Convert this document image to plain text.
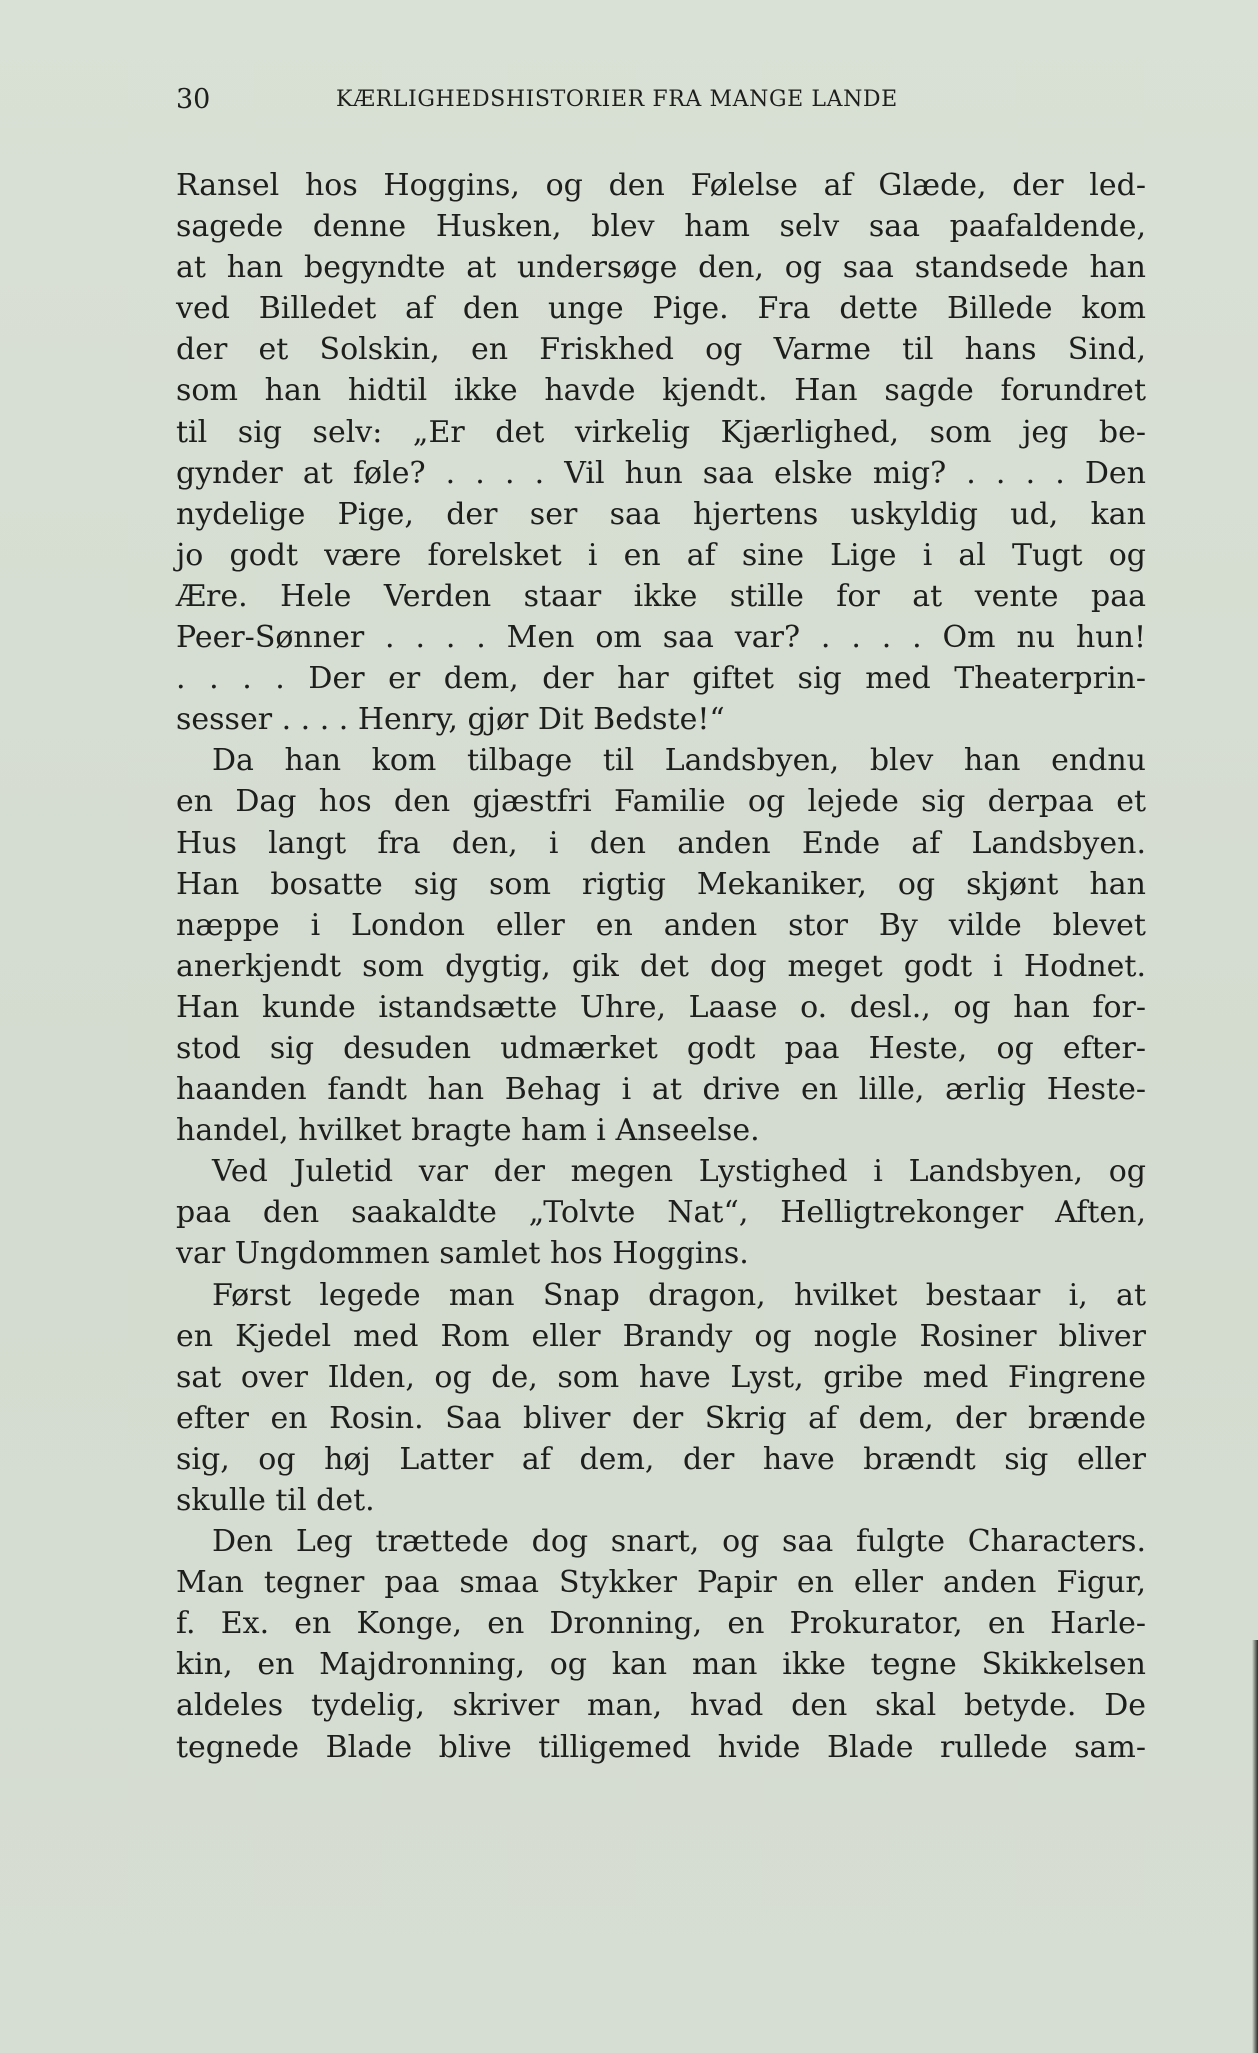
30	KÆRLIGHEDSHISTORIER FRA MANGE LANDE
Ransel hos Hoggins, og den Følelse af Glæde, der led-
sagede denne Husken, blev ham selv saa paafaldende,
at han begyndte at undersøge den, og saa standsede han
ved Billedet af den unge Pige. Fra dette Billede kom
der et Solskin, en Friskhed og Varme til hans Sind,
som han hidtil ikke havde kjendt. Han sagde forundret
til sig selv: „Er det virkelig Kjærlighed, som jeg be-
gynder at føle? . . . . Vil hun saa elske mig? . . . . Den
nydelige Pige, der ser saa hjertens uskyldig ud, kan
jo godt være forelsket i en af sine Lige i al Tugt og
Ære. Hele Verden staar ikke stille for at vente paa
Peer-Sønner . . . . Men om saa var? . . . . Om nu hun!
. . . . Der er dem, der har giftet sig med Theaterprin-
sesser . . . . Henry, gjør Dit Bedste!“
Da han kom tilbage til Landsbyen, blev han endnu
en Dag hos den gjæstfri Familie og lejede sig derpaa et
Hus langt fra den, i den anden Ende af Landsbyen.
Han bosatte sig som rigtig Mekaniker, og skjønt han
næppe i London eller en anden stor By vilde blevet
anerkjendt som dygtig, gik det dog meget godt i Hodnet.
Han kunde istandsætte Uhre, Laase o. desl., og han for-
stod sig desuden udmærket godt paa Heste, og efter-
haanden fandt han Behag i at drive en lille, ærlig Heste-
handel, hvilket bragte ham i Anseelse.
Ved Juletid var der megen Lystighed i Landsbyen, og
paa den saakaldte „Tolvte Nat“, Helligtrekonger Aften,
var Ungdommen samlet hos Hoggins.
Først legede man Snap dragon, hvilket bestaar i, at
en Kjedel med Rom eller Brandy og nogle Rosiner bliver
sat over Ilden, og de, som have Lyst, gribe med Fingrene
efter en Rosin. Saa bliver der Skrig af dem, der brænde
sig, og høj Latter af dem, der have brændt sig eller
skulle til det.
Den Leg trættede dog snart, og saa fulgte Characters.
Man tegner paa smaa Stykker Papir en eller anden Figur,
f. Ex. en Konge, en Dronning, en Prokurator, en Harle-
kin, en Majdronning, og kan man ikke tegne Skikkelsen
aldeles tydelig, skriver man, hvad den skal betyde. De
tegnede Blade blive tilligemed hvide Blade rullede sam-
